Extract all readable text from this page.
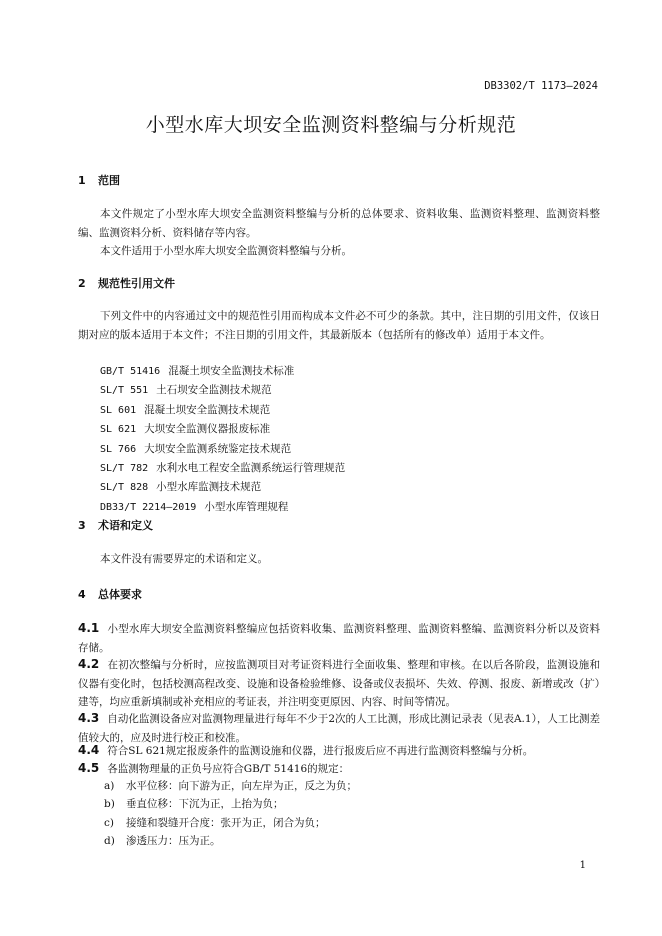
DB3302/T 1173—2024
小型水库大坝安全监测资料整编与分析规范
1 范围
本文件规定了小型水库大坝安全监测资料整编与分析的总体要求、资料收集、监测资料整理、监测资料整编、监测资料分析、资料储存等内容。
本文件适用于小型水库大坝安全监测资料整编与分析。
2 规范性引用文件
下列文件中的内容通过文中的规范性引用而构成本文件必不可少的条款。其中，注日期的引用文件，仅该日期对应的版本适用于本文件；不注日期的引用文件，其最新版本（包括所有的修改单）适用于本文件。
GB/T 51416 混凝土坝安全监测技术标准
SL/T 551 土石坝安全监测技术规范
SL 601 混凝土坝安全监测技术规范
SL 621 大坝安全监测仪器报废标准
SL 766 大坝安全监测系统鉴定技术规范
SL/T 782 水利水电工程安全监测系统运行管理规范
SL/T 828 小型水库监测技术规范
DB33/T 2214—2019 小型水库管理规程
3 术语和定义
本文件没有需要界定的术语和定义。
4 总体要求
4.1 小型水库大坝安全监测资料整编应包括资料收集、监测资料整理、监测资料整编、监测资料分析以及资料存储。
4.2 在初次整编与分析时，应按监测项目对考证资料进行全面收集、整理和审核。在以后各阶段，监测设施和仪器有变化时，包括校测高程改变、设施和设备检验维修、设备或仪表损坏、失效、停测、报废、新增或改（扩）建等，均应重新填制或补充相应的考证表，并注明变更原因、内容、时间等情况。
4.3 自动化监测设备应对监测物理量进行每年不少于2次的人工比测，形成比测记录表（见表A.1），人工比测差值较大的，应及时进行校正和校准。
4.4 符合SL 621规定报废条件的监测设施和仪器，进行报废后应不再进行监测资料整编与分析。
4.5 各监测物理量的正负号应符合GB/T 51416的规定：
a) 水平位移：向下游为正，向左岸为正，反之为负；
b) 垂直位移：下沉为正，上抬为负；
c) 接缝和裂缝开合度：张开为正，闭合为负；
d) 渗透压力：压为正。
1
